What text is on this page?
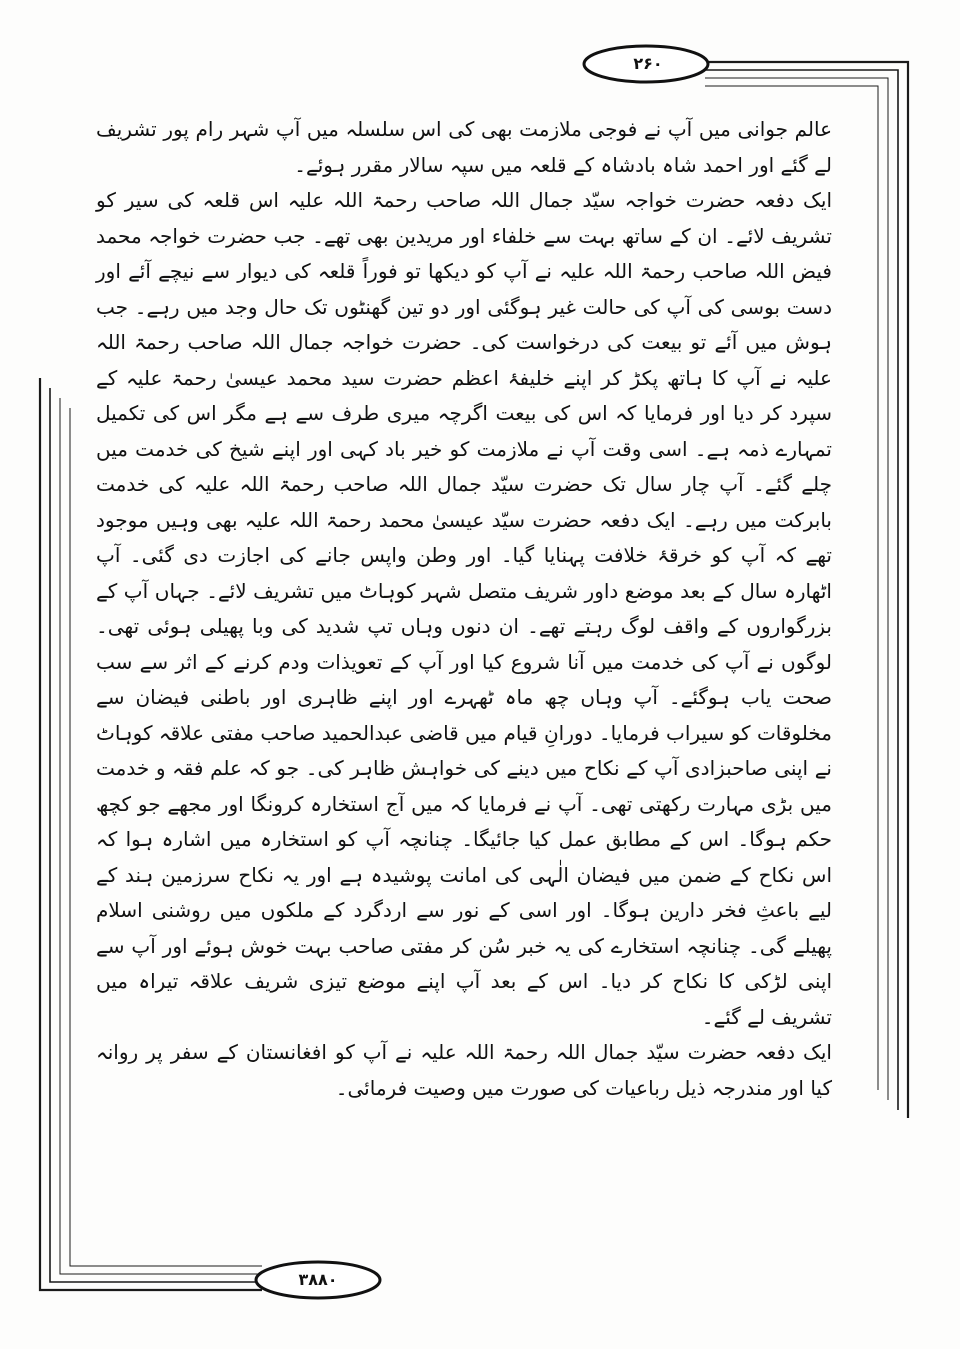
۲۶۰
۳۸۸۰

عالم جوانی میں آپ نے فوجی ملازمت بھی کی اس سلسلہ میں آپ شہر رام پور تشریف لے گئے اور احمد شاہ بادشاہ کے قلعہ میں سپہ سالار مقرر ہوئے۔

ایک دفعہ حضرت خواجہ سیّد جمال اللہ صاحب رحمۃ اللہ علیہ اس قلعہ کی سیر کو تشریف لائے۔ ان کے ساتھ بہت سے خلفاء اور مریدین بھی تھے۔ جب حضرت خواجہ محمد فیض اللہ صاحب رحمۃ اللہ علیہ نے آپ کو دیکھا تو فوراً قلعہ کی دیوار سے نیچے آئے اور دست بوسی کی آپ کی حالت غیر ہوگئی اور دو تین گھنٹوں تک حال وجد میں رہے۔ جب ہوش میں آئے تو بیعت کی درخواست کی۔ حضرت خواجہ جمال اللہ صاحب رحمۃ اللہ علیہ نے آپ کا ہاتھ پکڑ کر اپنے خلیفۂ اعظم حضرت سید محمد عیسیٰ رحمۃ علیہ کے سپرد کر دیا اور فرمایا کہ اس کی بیعت اگرچہ میری طرف سے ہے مگر اس کی تکمیل تمہارے ذمہ ہے۔ اسی وقت آپ نے ملازمت کو خیر باد کہی اور اپنے شیخ کی خدمت میں چلے گئے۔ آپ چار سال تک حضرت سیّد جمال اللہ صاحب رحمۃ اللہ علیہ کی خدمت بابرکت میں رہے۔ ایک دفعہ حضرت سیّد عیسیٰ محمد رحمۃ اللہ علیہ بھی وہیں موجود تھے کہ آپ کو خرقۂ خلافت پہنایا گیا۔ اور وطن واپس جانے کی اجازت دی گئی۔ آپ اٹھارہ سال کے بعد موضع داور شریف متصل شہر کوہاٹ میں تشریف لائے۔ جہاں آپ کے بزرگواروں کے واقف لوگ رہتے تھے۔ ان دنوں وہاں تپ شدید کی وبا پھیلی ہوئی تھی۔ لوگوں نے آپ کی خدمت میں آنا شروع کیا اور آپ کے تعویذات ودم کرنے کے اثر سے سب صحت یاب ہوگئے۔ آپ وہاں چھ ماہ ٹھہرے اور اپنے ظاہری اور باطنی فیضان سے مخلوقات کو سیراب فرمایا۔ دورانِ قیام میں قاضی عبدالحمید صاحب مفتی علاقہ کوہاٹ نے اپنی صاحبزادی آپ کے نکاح میں دینے کی خواہش ظاہر کی۔ جو کہ علم فقہ و خدمت میں بڑی مہارت رکھتی تھی۔ آپ نے فرمایا کہ میں آج استخارہ کرونگا اور مجھے جو کچھ حکم ہوگا۔ اس کے مطابق عمل کیا جائیگا۔ چنانچہ آپ کو استخارہ میں اشارہ ہوا کہ اس نکاح کے ضمن میں فیضان الٰہی کی امانت پوشیدہ ہے اور یہ نکاح سرزمین ہند کے لیے باعثِ فخر دارین ہوگا۔ اور اسی کے نور سے اردگرد کے ملکوں میں روشنی اسلام پھیلے گی۔ چنانچہ استخارے کی یہ خبر سُن کر مفتی صاحب بہت خوش ہوئے اور آپ سے اپنی لڑکی کا نکاح کر دیا۔ اس کے بعد آپ اپنے موضع تیزی شریف علاقہ تیراہ میں تشریف لے گئے۔

ایک دفعہ حضرت سیّد جمال اللہ رحمۃ اللہ علیہ نے آپ کو افغانستان کے سفر پر روانہ کیا اور مندرجہ ذیل رباعیات کی صورت میں وصیت فرمائی۔
